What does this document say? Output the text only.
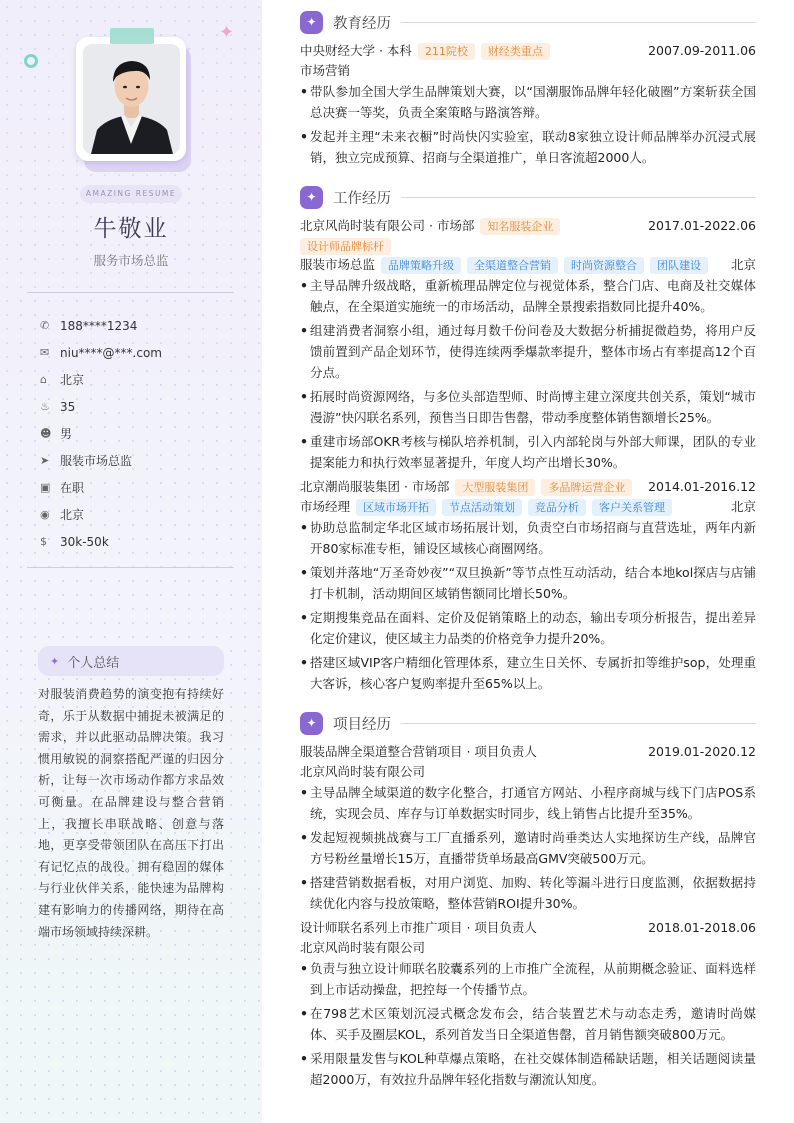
✦
AMAZING RESUME
牛敬业
服务市场总监
✆ 188****1234
✉ niu****@***.com
⌂	北京
♨ 35
☻ 男
➤ 服装市场总监
▣ 在职
◉ 北京
$	30k-50k
✦ 个人总结
对服装消费趋势的演变抱有持续好奇，乐于从数据中捕捉未被满足的需求，并以此驱动品牌决策。我习惯用敏锐的洞察搭配严谨的归因分析，让每一次市场动作都方求品效可衡量。在品牌建设与整合营销上，我擅长串联战略、创意与落地，更享受带领团队在高压下打出有记忆点的战役。拥有稳固的媒体与行业伙伴关系，能快速为品牌构建有影响力的传播网络，期待在高端市场领域持续深耕。
✦	教育经历
中央财经大学 · 本科 211院校 财经类重点	2007.09-2011.06
市场营销
• 带队参加全国大学生品牌策划大赛，以“国潮服饰品牌年轻化破圈”方案斩获全国总决赛一等奖，负责全案策略与路演答辩。
• 发起并主理“未来衣橱”时尚快闪实验室，联动8家独立设计师品牌举办沉浸式展销，独立完成预算、招商与全渠道推广，单日客流超2000人。
✦	工作经历
北京风尚时装有限公司 · 市场部 知名服装企业	2017.01-2022.06
设计师品牌标杆
服装市场总监 品牌策略升级 全渠道整合营销 时尚资源整合 团队建设	北京
• 主导品牌升级战略，重新梳理品牌定位与视觉体系，整合门店、电商及社交媒体触点，在全渠道实施统一的市场活动，品牌全景搜索指数同比提升40%。
• 组建消费者洞察小组，通过每月数千份问卷及大数据分析捕捉微趋势，将用户反馈前置到产品企划环节，使得连续两季爆款率提升，整体市场占有率提高12个百分点。
• 拓展时尚资源网络，与多位头部造型师、时尚博主建立深度共创关系，策划“城市漫游”快闪联名系列，预售当日即告售罄，带动季度整体销售额增长25%。
• 重建市场部OKR考核与梯队培养机制，引入内部轮岗与外部大师课，团队的专业提案能力和执行效率显著提升，年度人均产出增长30%。
北京潮尚服装集团 · 市场部 大型服装集团 多品牌运营企业	2014.01-2016.12
市场经理 区域市场开拓 节点活动策划 竞品分析 客户关系管理	北京
• 协助总监制定华北区域市场拓展计划，负责空白市场招商与直营选址，两年内新开80家标准专柜，铺设区域核心商圈网络。
• 策划并落地“万圣奇妙夜”“双旦换新”等节点性互动活动，结合本地kol探店与店铺打卡机制，活动期间区域销售额同比增长50%。
• 定期搜集竞品在面料、定价及促销策略上的动态，输出专项分析报告，提出差异化定价建议，使区域主力品类的价格竞争力提升20%。
• 搭建区域VIP客户精细化管理体系，建立生日关怀、专属折扣等维护sop，处理重大客诉，核心客户复购率提升至65%以上。
✦	项目经历
服装品牌全渠道整合营销项目 · 项目负责人	2019.01-2020.12
北京风尚时装有限公司
• 主导品牌全域渠道的数字化整合，打通官方网站、小程序商城与线下门店POS系统，实现会员、库存与订单数据实时同步，线上销售占比提升至35%。
• 发起短视频挑战赛与工厂直播系列，邀请时尚垂类达人实地探访生产线，品牌官方号粉丝量增长15万，直播带货单场最高GMV突破500万元。
• 搭建营销数据看板，对用户浏览、加购、转化等漏斗进行日度监测，依据数据持续优化内容与投放策略，整体营销ROI提升30%。
设计师联名系列上市推广项目 · 项目负责人	2018.01-2018.06
北京风尚时装有限公司
• 负责与独立设计师联名胶囊系列的上市推广全流程，从前期概念验证、面料选样到上市话动操盘，把控每一个传播节点。
• 在798艺术区策划沉浸式概念发布会，结合装置艺术与动态走秀，邀请时尚媒体、买手及圈层KOL，系列首发当日全渠道售罄，首月销售额突破800万元。
• 采用限量发售与KOL种草爆点策略，在社交媒体制造稀缺话题，相关话题阅读量超2000万，有效拉升品牌年轻化指数与潮流认知度。
